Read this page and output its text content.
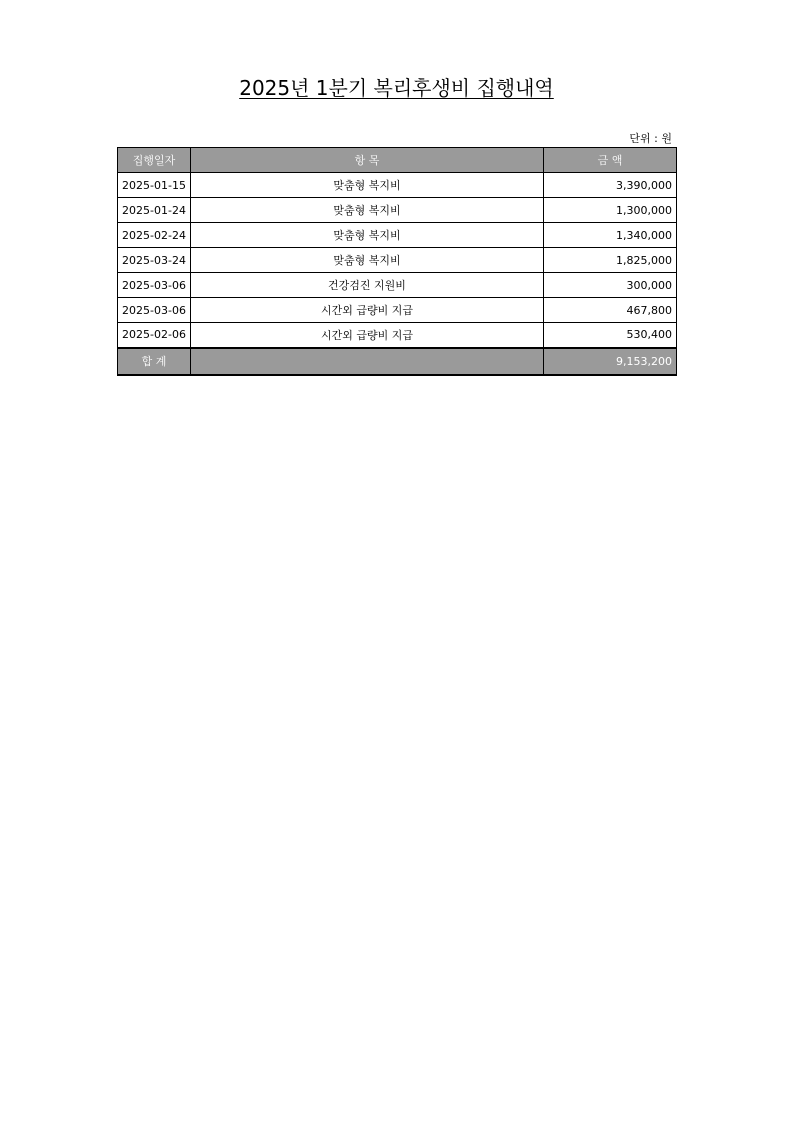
2025년 1분기 복리후생비 집행내역
단위 : 원
집행일자	항 목	금 액
2025-01-15	맞춤형 복지비	3,390,000
2025-01-24	맞춤형 복지비	1,300,000
2025-02-24	맞춤형 복지비	1,340,000
2025-03-24	맞춤형 복지비	1,825,000
2025-03-06	건강검진 지원비	300,000
2025-03-06	시간외 급량비 지급	467,800
2025-02-06	시간외 급량비 지급	530,400
합 계		9,153,200
